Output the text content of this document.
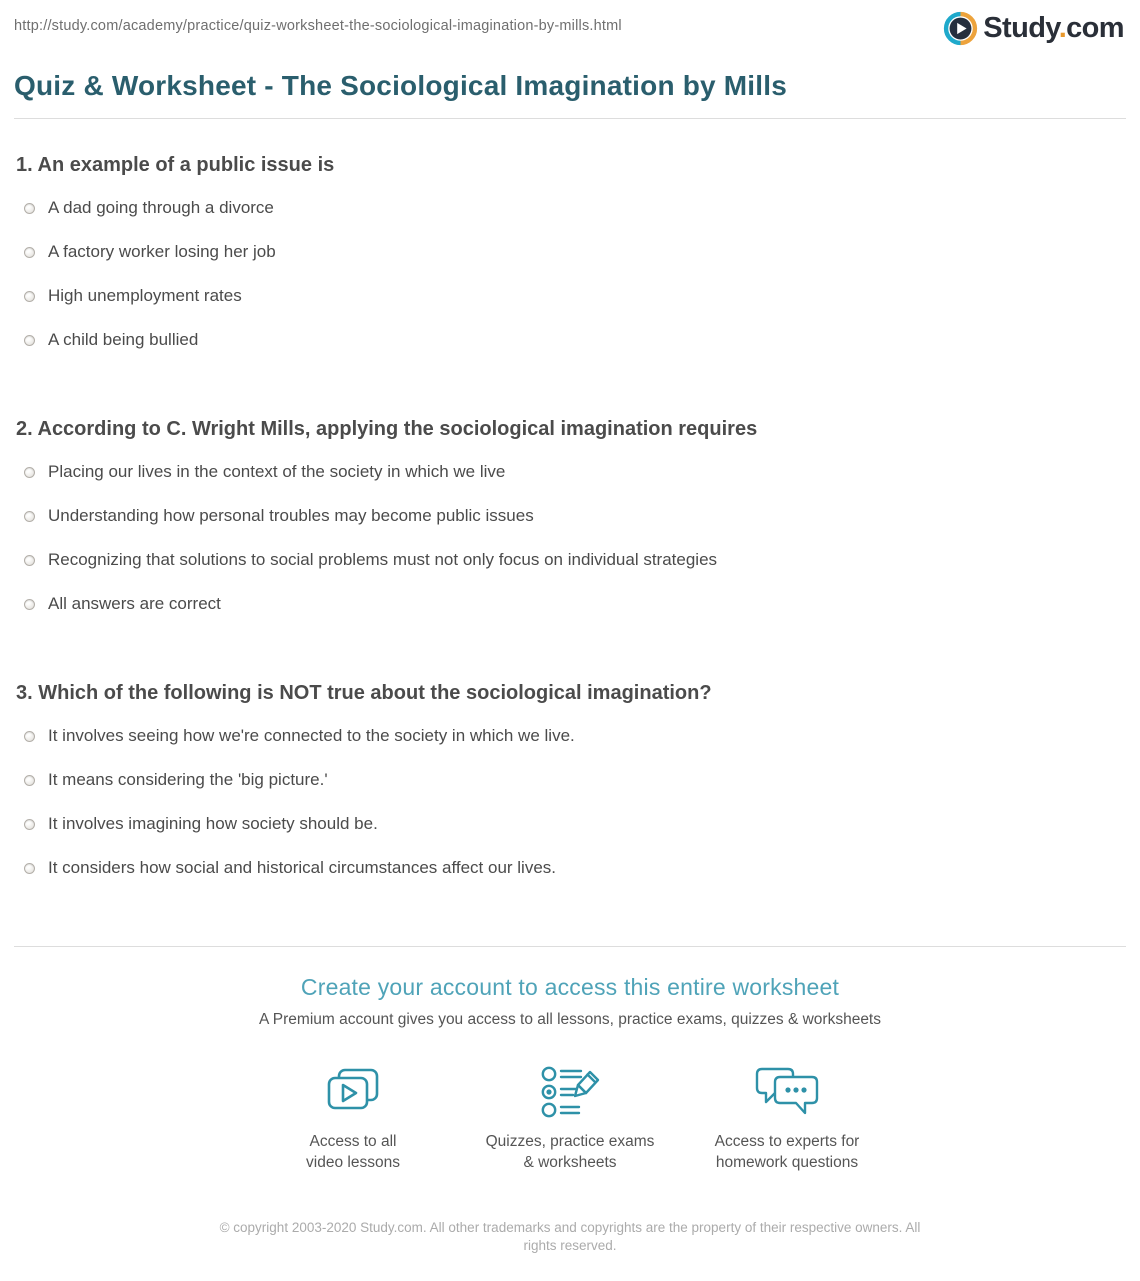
http://study.com/academy/practice/quiz-worksheet-the-sociological-imagination-by-mills.html	Study.com
Quiz & Worksheet - The Sociological Imagination by Mills
1. An example of a public issue is
A dad going through a divorce
A factory worker losing her job
High unemployment rates
A child being bullied
2. According to C. Wright Mills, applying the sociological imagination requires
Placing our lives in the context of the society in which we live
Understanding how personal troubles may become public issues
Recognizing that solutions to social problems must not only focus on individual strategies
All answers are correct
3. Which of the following is NOT true about the sociological imagination?
It involves seeing how we're connected to the society in which we live.
It means considering the 'big picture.'
It involves imagining how society should be.
It considers how social and historical circumstances affect our lives.
Create your account to access this entire worksheet
A Premium account gives you access to all lessons, practice exams, quizzes & worksheets
Access to all
video lessons
Quizzes, practice exams
& worksheets
Access to experts for
homework questions
© copyright 2003-2020 Study.com. All other trademarks and copyrights are the property of their respective owners. All rights reserved.
